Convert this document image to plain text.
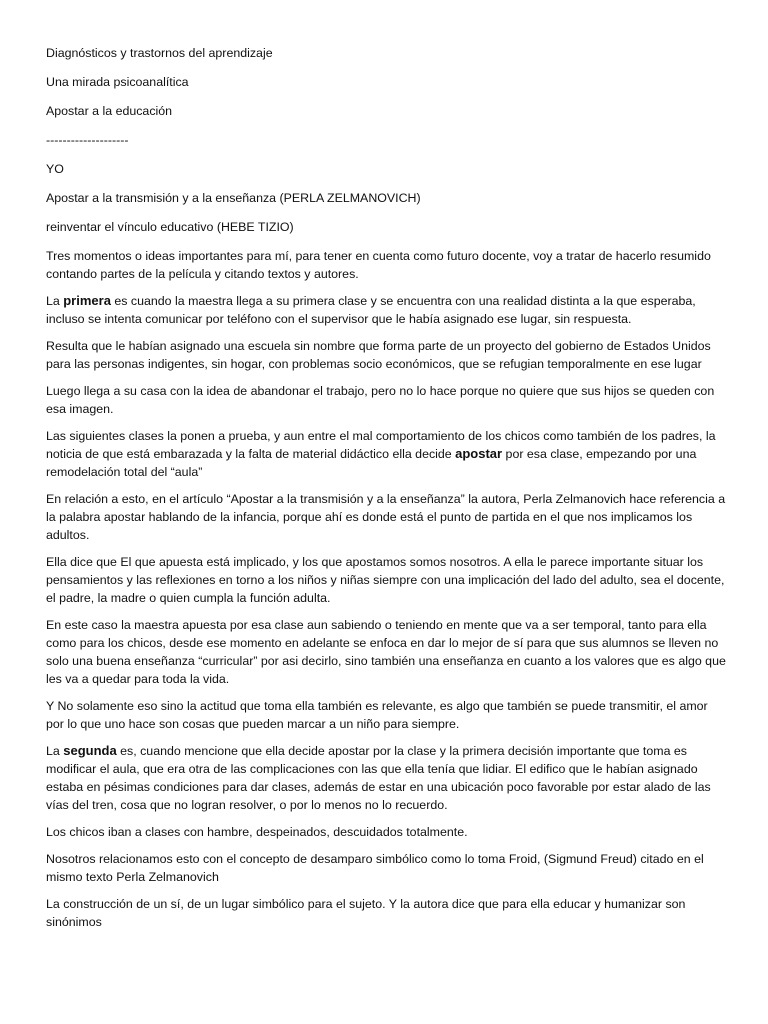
Diagnósticos y trastornos del aprendizaje

Una mirada psicoanalítica

Apostar a la educación

--------------------

YO

Apostar a la transmisión y a la enseñanza (PERLA ZELMANOVICH)

reinventar el vínculo educativo (HEBE TIZIO)

Tres momentos o ideas importantes para mí, para tener en cuenta como futuro docente, voy a tratar de hacerlo resumido contando partes de la película y citando textos y autores.

La primera es cuando la maestra llega a su primera clase y se encuentra con una realidad distinta a la que esperaba, incluso se intenta comunicar por teléfono con el supervisor que le había asignado ese lugar, sin respuesta.

Resulta que le habían asignado una escuela sin nombre que forma parte de un proyecto del gobierno de Estados Unidos para las personas indigentes, sin hogar, con problemas socio económicos, que se refugian temporalmente en ese lugar

Luego llega a su casa con la idea de abandonar el trabajo, pero no lo hace porque no quiere que sus hijos se queden con esa imagen.

Las siguientes clases la ponen a prueba, y aun entre el mal comportamiento de los chicos como también de los padres, la noticia de que está embarazada y la falta de material didáctico ella decide apostar por esa clase, empezando por una remodelación total del “aula”

En relación a esto, en el artículo “Apostar a la transmisión y a la enseñanza” la autora, Perla Zelmanovich hace referencia a la palabra apostar hablando de la infancia, porque ahí es donde está el punto de partida en el que nos implicamos los adultos.

Ella dice que El que apuesta está implicado, y los que apostamos somos nosotros. A ella le parece importante situar los pensamientos y las reflexiones en torno a los niños y niñas siempre con una implicación del lado del adulto, sea el docente, el padre, la madre o quien cumpla la función adulta.

En este caso la maestra apuesta por esa clase aun sabiendo o teniendo en mente que va a ser temporal, tanto para ella como para los chicos, desde ese momento en adelante se enfoca en dar lo mejor de sí para que sus alumnos se lleven no solo una buena enseñanza “curricular” por asi decirlo, sino también una enseñanza en cuanto a los valores que es algo que les va a quedar para toda la vida.

Y No solamente eso sino la actitud que toma ella también es relevante, es algo que también se puede transmitir, el amor por lo que uno hace son cosas que pueden marcar a un niño para siempre.

La segunda es, cuando mencione que ella decide apostar por la clase y la primera decisión importante que toma es modificar el aula, que era otra de las complicaciones con las que ella tenía que lidiar. El edifico que le habían asignado estaba en pésimas condiciones para dar clases, además de estar en una ubicación poco favorable por estar alado de las vías del tren, cosa que no logran resolver, o por lo menos no lo recuerdo.

Los chicos iban a clases con hambre, despeinados, descuidados totalmente.

Nosotros relacionamos esto con el concepto de desamparo simbólico como lo toma Froid, (Sigmund Freud) citado en el mismo texto Perla Zelmanovich

La construcción de un sí, de un lugar simbólico para el sujeto. Y la autora dice que para ella educar y humanizar son sinónimos
